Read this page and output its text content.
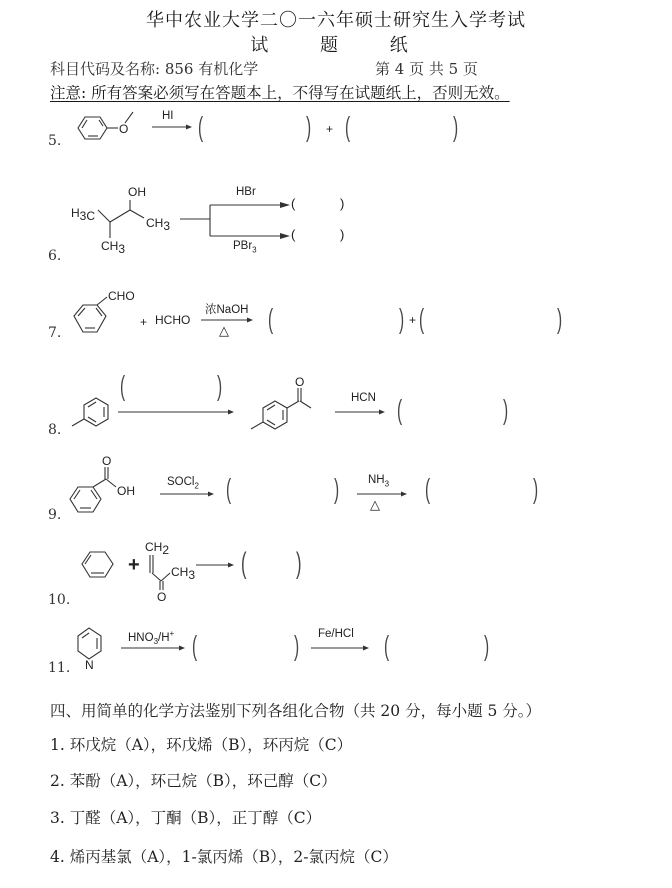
华中农业大学二〇一六年硕士研究生入学考试
试 题 纸
科目代码及名称: 856 有机化学	第 4 页 共 5 页
注意: 所有答案必须写在答题本上，不得写在试题纸上，否则无效。
5.
O
HI (	) + (	)
6.
H3C
OH
CH3
CH3
HBr
PBr$_3$
(	)
(	)
7.
CHO
+ HCHO
浓NaOH
△ (	) + (	)
8.
(	)	O
HCN (	)
9.
O
OH
SOCl$_2$ (	)	$NH_3$
△
(	)
10.
+
CH2
CH3
O
( )
11. N
$HNO_3/H^+$ (	) Fe/HCl (	)
四、用简单的化学方法鉴别下列各组化合物（共 20 分，每小题 5 分。）
1. 环戊烷（A），环戊烯（B），环丙烷（C）
2. 苯酚（A），环己烷（B），环己醇（C）
3. 丁醛（A），丁酮（B），正丁醇（C）
4. 烯丙基氯（A），1-氯丙烯（B），2-氯丙烷（C）
